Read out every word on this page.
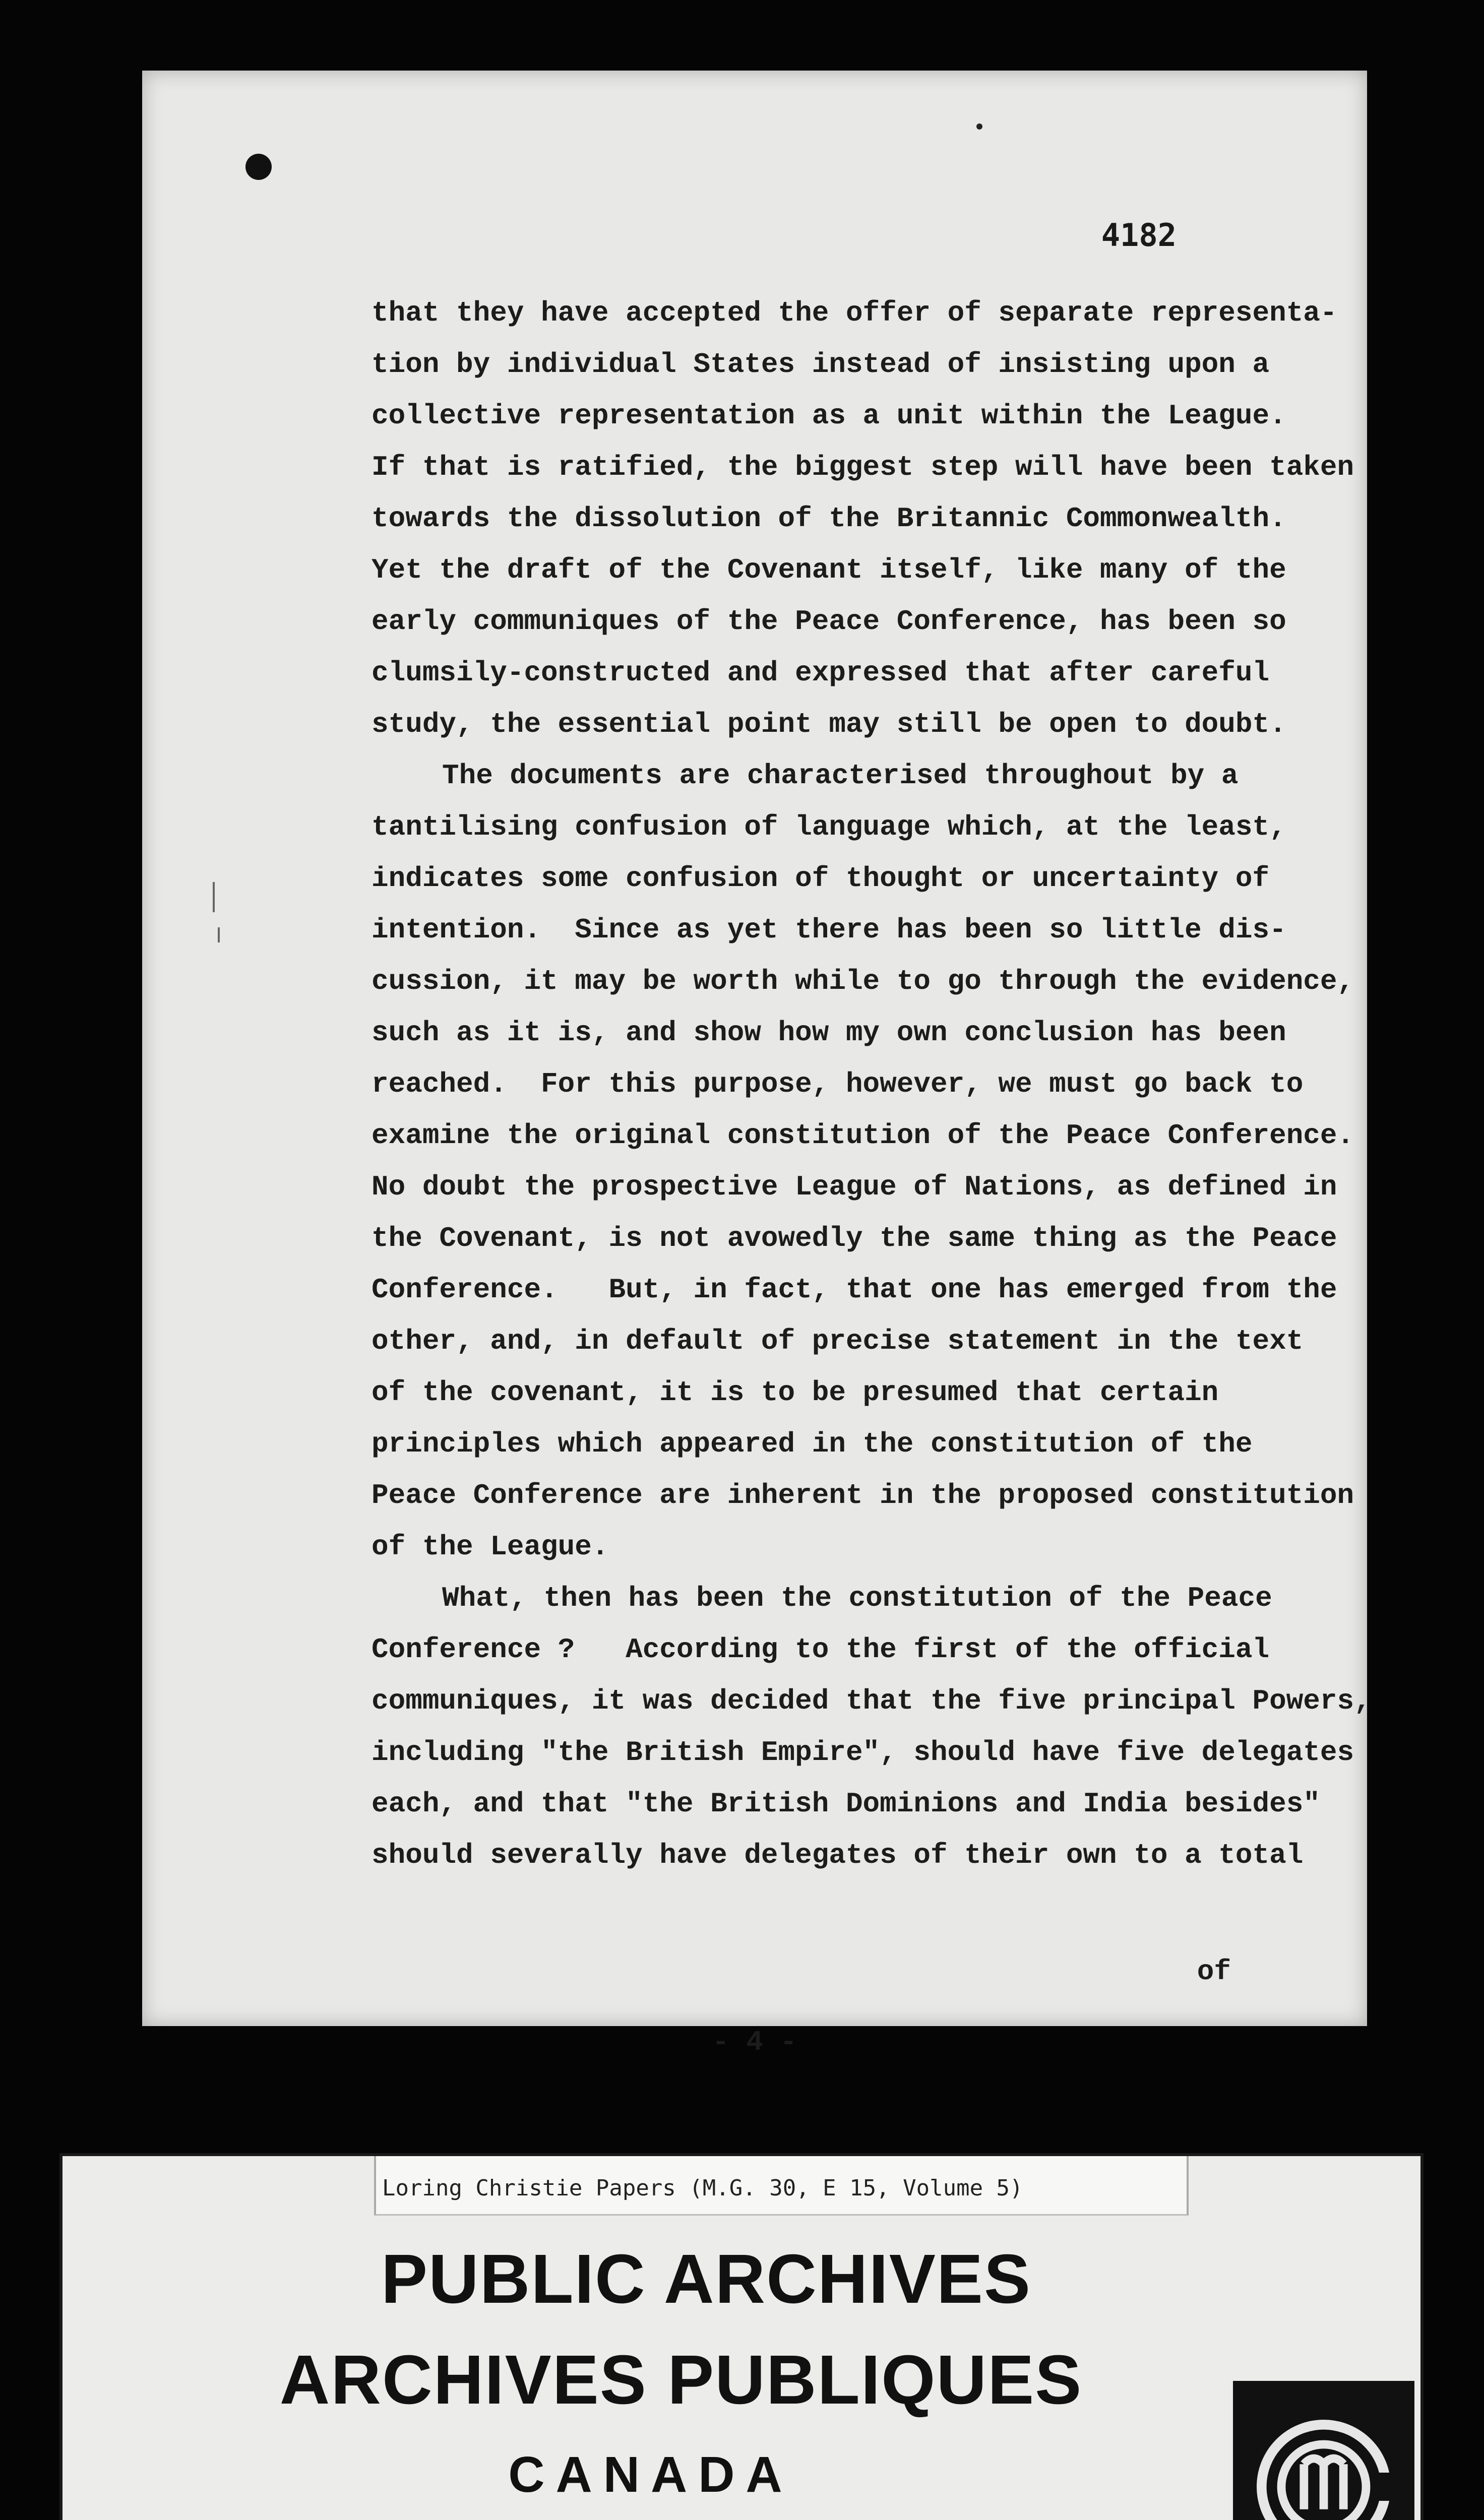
4182
that they have accepted the offer of separate representa-
tion by individual States instead of insisting upon a
collective representation as a unit within the League.
If that is ratified, the biggest step will have been taken
towards the dissolution of the Britannic Commonwealth.
Yet the draft of the Covenant itself, like many of the
early communiques of the Peace Conference, has been so
clumsily-constructed and expressed that after careful
study, the essential point may still be open to doubt.
The documents are characterised throughout by a
tantilising confusion of language which, at the least,
indicates some confusion of thought or uncertainty of
intention.  Since as yet there has been so little dis-
cussion, it may be worth while to go through the evidence,
such as it is, and show how my own conclusion has been
reached.  For this purpose, however, we must go back to
examine the original constitution of the Peace Conference.
No doubt the prospective League of Nations, as defined in
the Covenant, is not avowedly the same thing as the Peace
Conference.   But, in fact, that one has emerged from the
other, and, in default of precise statement in the text
of the covenant, it is to be presumed that certain
principles which appeared in the constitution of the
Peace Conference are inherent in the proposed constitution
of the League.
What, then has been the constitution of the Peace
Conference ?   According to the first of the official
communiques, it was decided that the five principal Powers,
including "the British Empire", should have five delegates
each, and that "the British Dominions and India besides"
should severally have delegates of their own to a total
of
- 4 -
Loring Christie Papers (M.G. 30, E 15, Volume 5)
PUBLIC ARCHIVES
ARCHIVES PUBLIQUES
CANADA
